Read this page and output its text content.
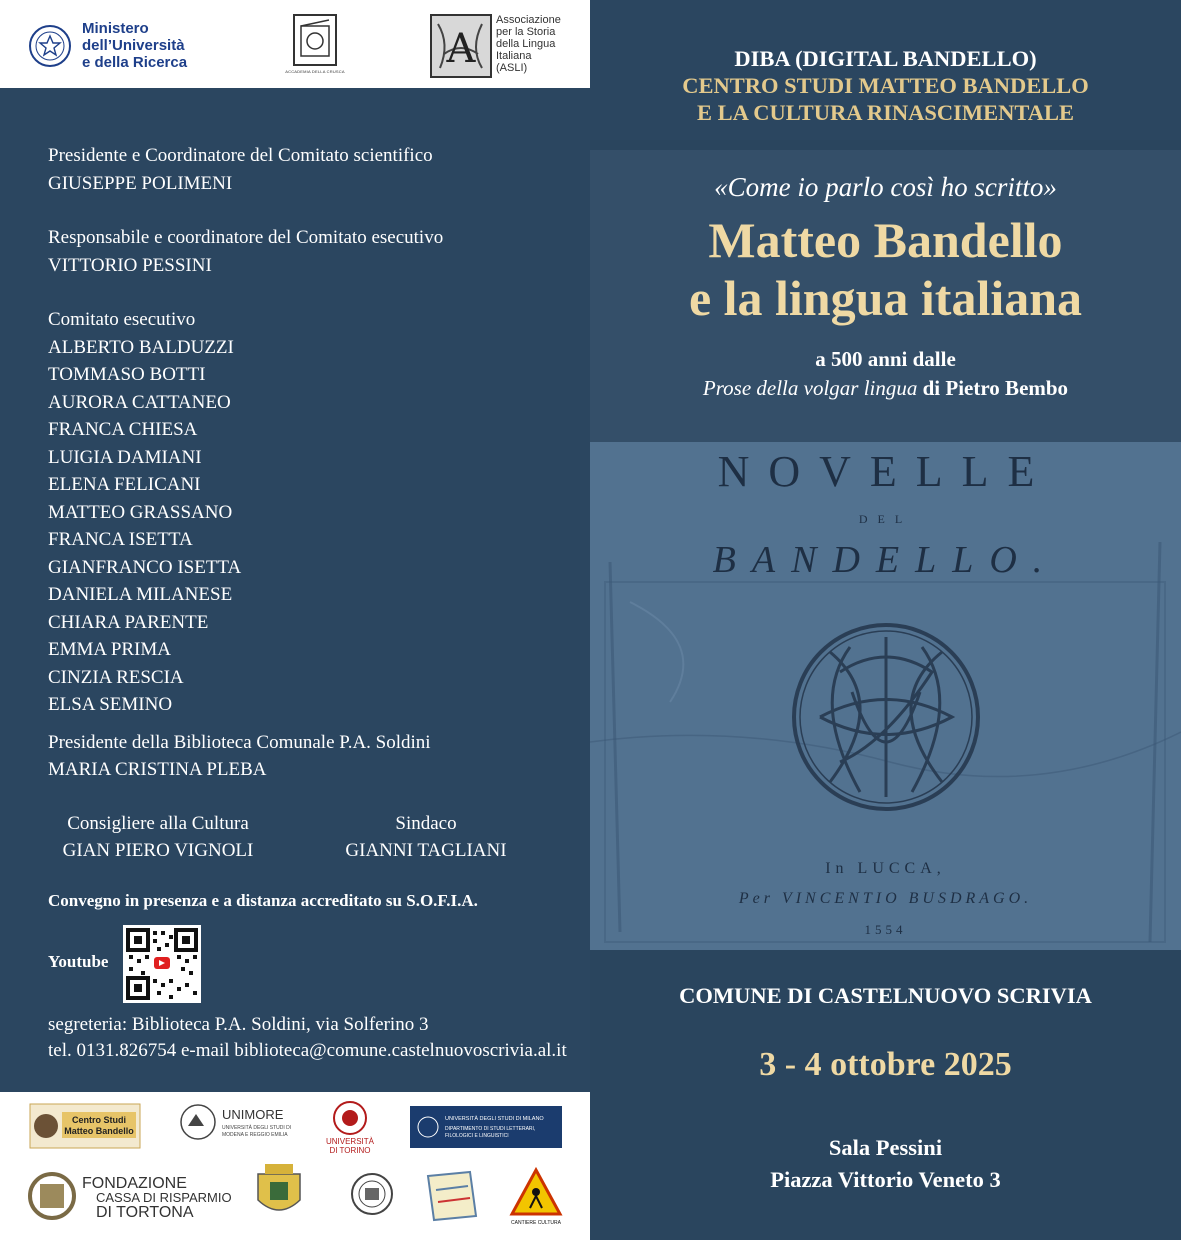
Ministero
dell’Università
e della Ricerca
ACCADEMIA DELLA CRUSCA	A
Associazione
per la Storia
della Lingua
Italiana
(ASLI)
Presidente e Coordinatore del Comitato scientifico
GIUSEPPE POLIMENI
Responsabile e coordinatore del Comitato esecutivo
VITTORIO PESSINI
Comitato esecutivo
ALBERTO BALDUZZI
TOMMASO BOTTI
AURORA CATTANEO
FRANCA CHIESA
LUIGIA DAMIANI
ELENA FELICANI
MATTEO GRASSANO
FRANCA ISETTA
GIANFRANCO ISETTA
DANIELA MILANESE
CHIARA PARENTE
EMMA PRIMA
CINZIA RESCIA
ELSA SEMINO
Presidente della Biblioteca Comunale P.A. Soldini
MARIA CRISTINA PLEBA
Consigliere alla Cultura
GIAN PIERO VIGNOLI
Sindaco
GIANNI TAGLIANI
Convegno in presenza e a distanza accreditato su S.O.F.I.A.
Youtube
segreteria: Biblioteca P.A. Soldini, via Solferino 3
tel. 0131.826754 e-mail biblioteca@comune.castelnuovoscrivia.al.it
Centro Studi
Matteo Bandello
UNIMORE
UNIVERSITÀ DEGLI STUDI DI
MODENA E REGGIO EMILIA
UNIVERSITÀ
DI TORINO
UNIVERSITÀ DEGLI STUDI DI MILANO
DIPARTIMENTO DI STUDI LETTERARI,
FILOLOGICI E LINGUISTICI
FONDAZIONE
CASSA DI RISPARMIO
DI TORTONA
CANTIERE CULTURA
DIBA (DIGITAL BANDELLO)
CENTRO STUDI MATTEO BANDELLO
E LA CULTURA RINASCIMENTALE
«Come io parlo così ho scritto»
Matteo Bandello
e la lingua italiana
a 500 anni dalle
Prose della volgar lingua di Pietro Bembo
NOVELLE
DEL
BANDELLO.
In LUCCA,
Per VINCENTIO BUSDRAGO.
1554
COMUNE DI CASTELNUOVO SCRIVIA
3 - 4 ottobre 2025
Sala Pessini
Piazza Vittorio Veneto 3
